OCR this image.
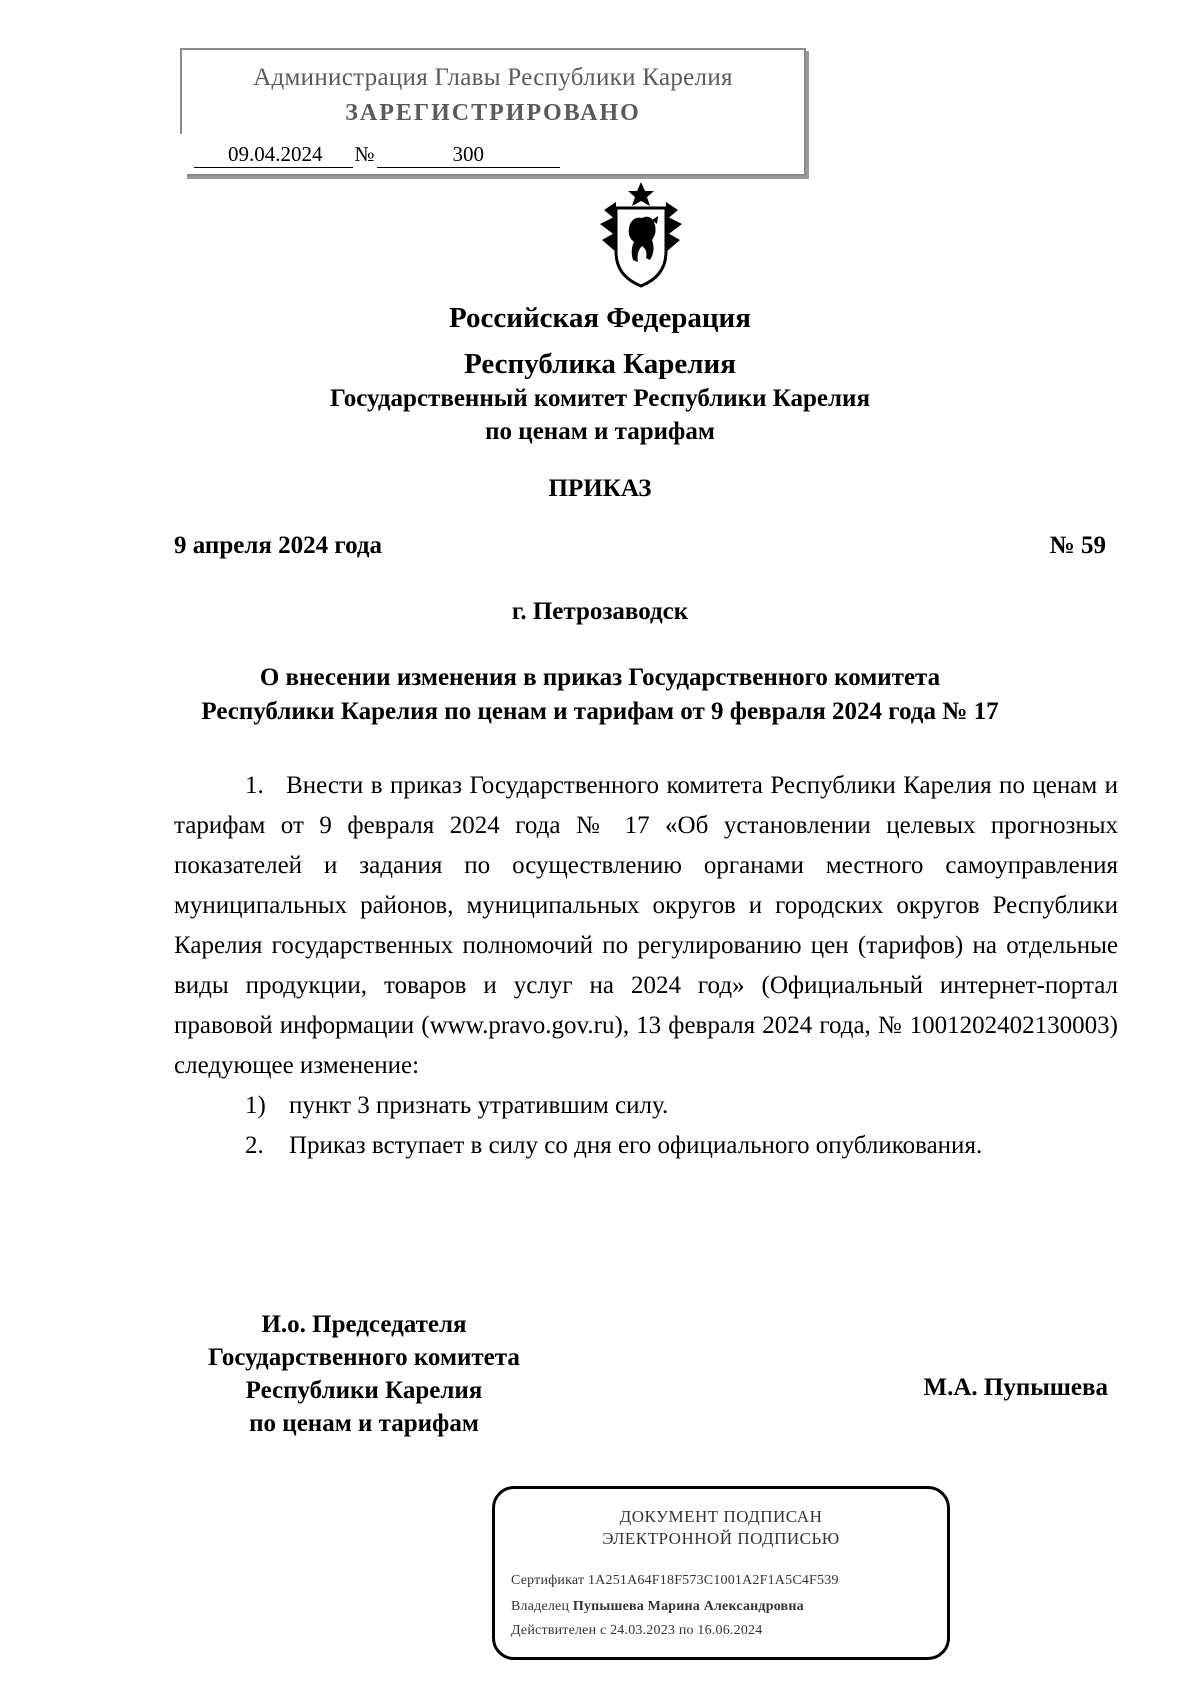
Администрация Главы Республики Карелия
ЗАРЕГИСТРИРОВАНО
09.04.2024 №	300
Российская Федерация
Республика Карелия
Государственный комитет Республики Карелия
по ценам и тарифам
ПРИКАЗ
9 апреля 2024 года	№ 59
г. Петрозаводск
О внесении изменения в приказ Государственного комитета
Республики Карелия по ценам и тарифам от 9 февраля 2024 года № 17

1.   Внести в приказ Государственного комитета Республики Карелия по ценам и тарифам от 9 февраля 2024 года № 17 «Об установлении целевых прогнозных показателей и задания по осуществлению органами местного самоуправления муниципальных районов, муниципальных округов и городских округов Республики Карелия государственных полномочий по регулированию цен (тарифов) на отдельные виды продукции, товаров и услуг на 2024 год» (Официальный интернет-портал правовой информации (www.pravo.gov.ru), 13 февраля 2024 года, № 1001202402130003) следующее изменение:

1) пункт 3 признать утратившим силу.
2.	Приказ вступает в силу со дня его официального опубликования.
И.о. Председателя
Государственного комитета
Республики Карелия
по ценам и тарифам
М.А. Пупышева
ДОКУМЕНТ ПОДПИСАН
ЭЛЕКТРОННОЙ ПОДПИСЬЮ
Сертификат 1A251A64F18F573C1001A2F1A5C4F539
Владелец Пупышева Марина Александровна
Действителен с 24.03.2023 по 16.06.2024
